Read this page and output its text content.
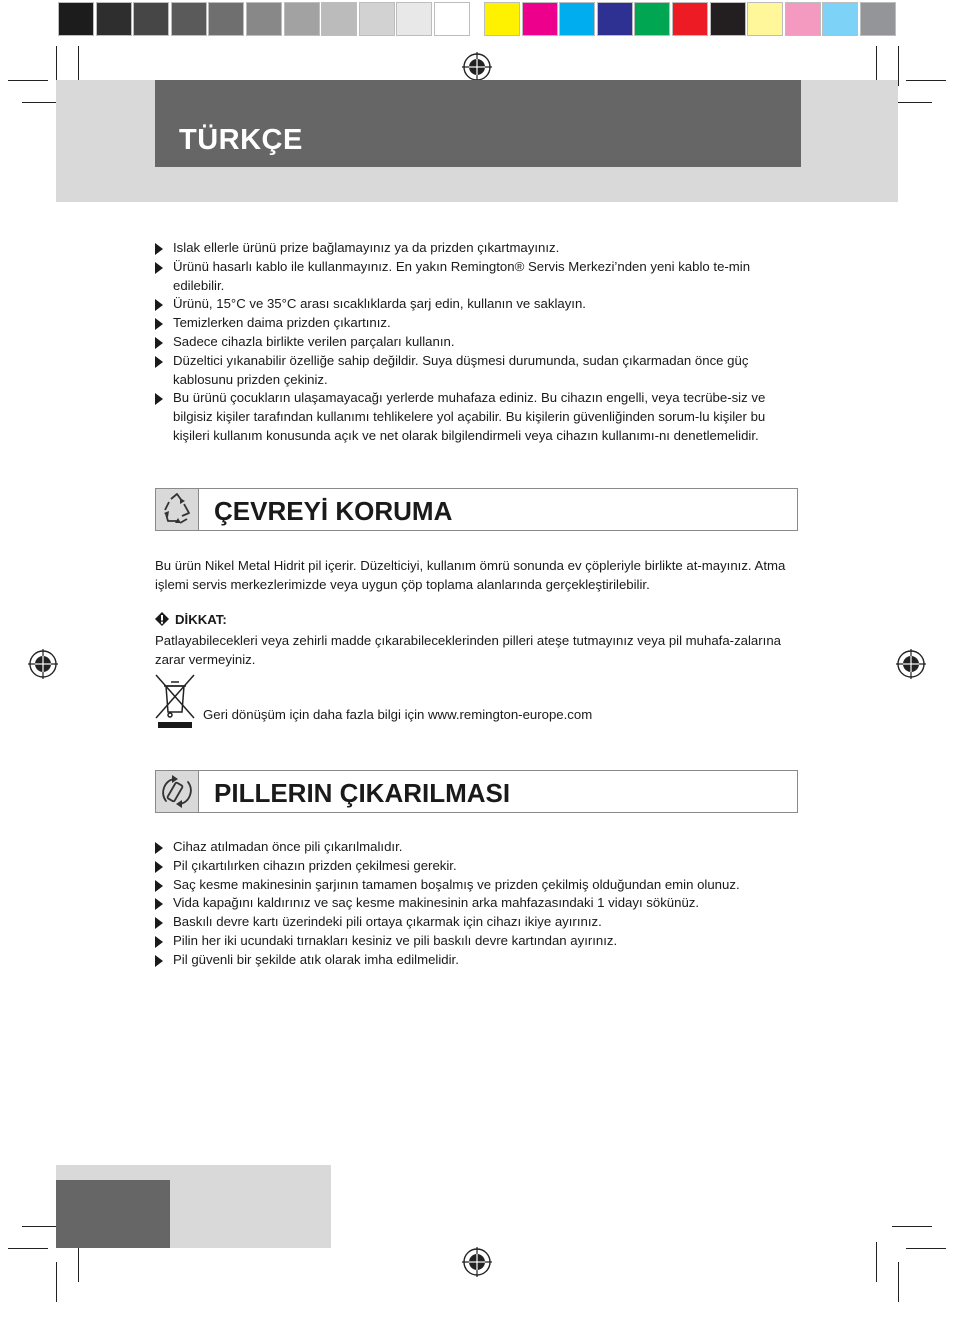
TÜRKÇE
Islak ellerle ürünü prize bağlamayınız ya da prizden çıkartmayınız.
Ürünü hasarlı kablo ile kullanmayınız. En yakın Remington® Servis Merkezi’nden yeni kablo te-min edilebilir.
Ürünü, 15°C ve 35°C arası sıcaklıklarda şarj edin, kullanın ve saklayın.
Temizlerken daima prizden çıkartınız.
Sadece cihazla birlikte verilen parçaları kullanın.
Düzeltici yıkanabilir özelliğe sahip değildir. Suya düşmesi durumunda, sudan çıkarmadan önce güç kablosunu prizden çekiniz.
Bu ürünü çocukların ulaşamayacağı yerlerde muhafaza ediniz. Bu cihazın engelli, veya tecrübe-siz ve bilgisiz kişiler tarafından kullanımı tehlikelere yol açabilir. Bu kişilerin güvenliğinden sorum-lu kişiler bu kişileri kullanım konusunda açık ve net olarak bilgilendirmeli veya cihazın kullanımı-nı denetlemelidir.
ÇEVREYİ KORUMA
Bu ürün Nikel Metal Hidrit pil içerir. Düzelticiyi, kullanım ömrü sonunda ev çöpleriyle birlikte at-mayınız. Atma işlemi servis merkezlerimizde veya uygun çöp toplama alanlarında gerçekleştirilebilir.
DİKKAT:
Patlayabilecekleri veya zehirli madde çıkarabileceklerinden pilleri ateşe tutmayınız veya pil muhafa-zalarına zarar vermeyiniz.
Geri dönüşüm için daha fazla bilgi için www.remington-europe.com
PILLERIN ÇIKARILMASI
Cihaz atılmadan önce pili çıkarılmalıdır.
Pil çıkartılırken cihazın prizden çekilmesi gerekir.
Saç kesme makinesinin şarjının tamamen boşalmış ve prizden çekilmiş olduğundan emin olunuz.
Vida kapağını kaldırınız ve saç kesme makinesinin arka mahfazasındaki 1 vidayı sökünüz.
Baskılı devre kartı üzerindeki pili ortaya çıkarmak için cihazı ikiye ayırınız.
Pilin her iki ucundaki tırnakları kesiniz ve pili baskılı devre kartından ayırınız.
Pil güvenli bir şekilde atık olarak imha edilmelidir.
